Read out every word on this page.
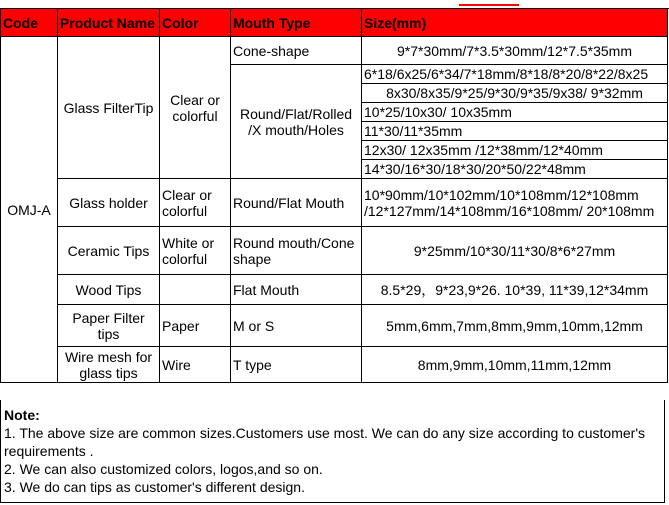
Code	Product Name	Color	Mouth Type	Size(mm)
OMJ-A	Glass FilterTip	Clear or colorful	Cone-shape	9*7*30mm/7*3.5*30mm/12*7.5*35mm
			Round/Flat/Rolled /X mouth/Holes	6*18/6x25/6*34/7*18mm/8*18/8*20/8*22/8x25
				8x30/8x35/9*25/9*30/9*35/9x38/ 9*32mm
				10*25/10x30/ 10x35mm
				11*30/11*35mm
				12x30/ 12x35mm /12*38mm/12*40mm
				14*30/16*30/18*30/20*50/22*48mm
	Glass holder	Clear or colorful	Round/Flat Mouth	10*90mm/10*102mm/10*108mm/12*108mm /12*127mm/14*108mm/16*108mm/ 20*108mm
	Ceramic Tips	White or colorful	Round mouth/Cone shape	9*25mm/10*30/11*30/8*6*27mm
	Wood Tips		Flat Mouth	8.5*29，9*23,9*26. 10*39, 11*39,12*34mm
	Paper Filter tips	Paper	M or S	5mm,6mm,7mm,8mm,9mm,10mm,12mm
	Wire mesh for glass tips	Wire	T type	8mm,9mm,10mm,11mm,12mm
Note:
1. The above size are common sizes.Customers use most. We can do any size according to customer's requirements .
2. We can also customized colors, logos,and so on.
3. We do can tips as customer's different design.
